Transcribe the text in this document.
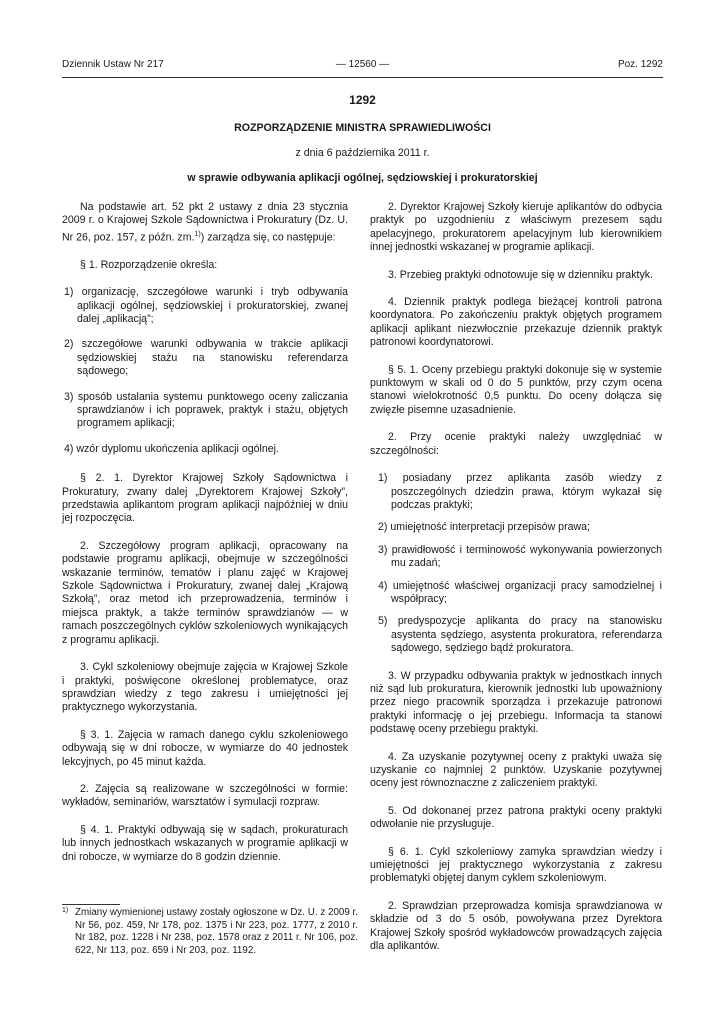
Dziennik Ustaw Nr 217	— 12560 —	Poz. 1292
1292
ROZPORZĄDZENIE MINISTRA SPRAWIEDLIWOŚCI
z dnia 6 października 2011 r.
w sprawie odbywania aplikacji ogólnej, sędziowskiej i prokuratorskiej

Na podstawie art. 52 pkt 2 ustawy z dnia 23 stycznia 2009 r. o Krajowej Szkole Sądownictwa i Prokuratury (Dz. U. Nr 26, poz. 157, z późn. zm.$^{1)}$) zarządza się, co następuje:

§ 1. Rozporządzenie określa:

1) organizację, szczegółowe warunki i tryb odbywania aplikacji ogólnej, sędziowskiej i prokuratorskiej, zwanej dalej „aplikacją”;

2) szczegółowe warunki odbywania w trakcie aplikacji sędziowskiej stażu na stanowisku referendarza sądowego;

3) sposób ustalania systemu punktowego oceny zaliczania sprawdzianów i ich poprawek, praktyk i stażu, objętych programem aplikacji;

4) wzór dyplomu ukończenia aplikacji ogólnej.

§ 2. 1. Dyrektor Krajowej Szkoły Sądownictwa i Prokuratury, zwany dalej „Dyrektorem Krajowej Szkoły”, przedstawia aplikantom program aplikacji najpóźniej w dniu jej rozpoczęcia.

2. Szczegółowy program aplikacji, opracowany na podstawie programu aplikacji, obejmuje w szczególności wskazanie terminów, tematów i planu zajęć w Krajowej Szkole Sądownictwa i Prokuratury, zwanej dalej „Krajową Szkołą”, oraz metod ich przeprowadzenia, terminów i miejsca praktyk, a także terminów sprawdzianów — w ramach poszczególnych cyklów szkoleniowych wynikających z programu aplikacji.

3. Cykl szkoleniowy obejmuje zajęcia w Krajowej Szkole i praktyki, poświęcone określonej problematyce, oraz sprawdzian wiedzy z tego zakresu i umiejętności jej praktycznego wykorzystania.

§ 3. 1. Zajęcia w ramach danego cyklu szkoleniowego odbywają się w dni robocze, w wymiarze do 40 jednostek lekcyjnych, po 45 minut każda.

2. Zajęcia są realizowane w szczególności w formie: wykładów, seminariów, warsztatów i symulacji rozpraw.

§ 4. 1. Praktyki odbywają się w sądach, prokuraturach lub innych jednostkach wskazanych w programie aplikacji w dni robocze, w wymiarze do 8 godzin dziennie.

1) Zmiany wymienionej ustawy zostały ogłoszone w Dz. U. z 2009 r. Nr 56, poz. 459, Nr 178, poz. 1375 i Nr 223, poz. 1777, z 2010 r. Nr 182, poz. 1228 i Nr 238, poz. 1578 oraz z 2011 r. Nr 106, poz. 622, Nr 113, poz. 659 i Nr 203, poz. 1192.

2. Dyrektor Krajowej Szkoły kieruje aplikantów do odbycia praktyk po uzgodnieniu z właściwym prezesem sądu apelacyjnego, prokuratorem apelacyjnym lub kierownikiem innej jednostki wskazanej w programie aplikacji.

3. Przebieg praktyki odnotowuje się w dzienniku praktyk.

4. Dziennik praktyk podlega bieżącej kontroli patrona koordynatora. Po zakończeniu praktyk objętych programem aplikacji aplikant niezwłocznie przekazuje dziennik praktyk patronowi koordynatorowi.

§ 5. 1. Oceny przebiegu praktyki dokonuje się w systemie punktowym w skali od 0 do 5 punktów, przy czym ocena stanowi wielokrotność 0,5 punktu. Do oceny dołącza się zwięzłe pisemne uzasadnienie.

2. Przy ocenie praktyki należy uwzględniać w szczególności:

1) posiadany przez aplikanta zasób wiedzy z poszczególnych dziedzin prawa, którym wykazał się podczas praktyki;

2) umiejętność interpretacji przepisów prawa;

3) prawidłowość i terminowość wykonywania powierzonych mu zadań;

4) umiejętność właściwej organizacji pracy samodzielnej i współpracy;

5) predyspozycje aplikanta do pracy na stanowisku asystenta sędziego, asystenta prokuratora, referendarza sądowego, sędziego bądź prokuratora.

3. W przypadku odbywania praktyk w jednostkach innych niż sąd lub prokuratura, kierownik jednostki lub upoważniony przez niego pracownik sporządza i przekazuje patronowi praktyki informację o jej przebiegu. Informacja ta stanowi podstawę oceny przebiegu praktyki.

4. Za uzyskanie pozytywnej oceny z praktyki uważa się uzyskanie co najmniej 2 punktów. Uzyskanie pozytywnej oceny jest równoznaczne z zaliczeniem praktyki.

5. Od dokonanej przez patrona praktyki oceny praktyki odwołanie nie przysługuje.

§ 6. 1. Cykl szkoleniowy zamyka sprawdzian wiedzy i umiejętności jej praktycznego wykorzystania z zakresu problematyki objętej danym cyklem szkoleniowym.

2. Sprawdzian przeprowadza komisja sprawdzianowa w składzie od 3 do 5 osób, powoływana przez Dyrektora Krajowej Szkoły spośród wykładowców prowadzących zajęcia dla aplikantów.
